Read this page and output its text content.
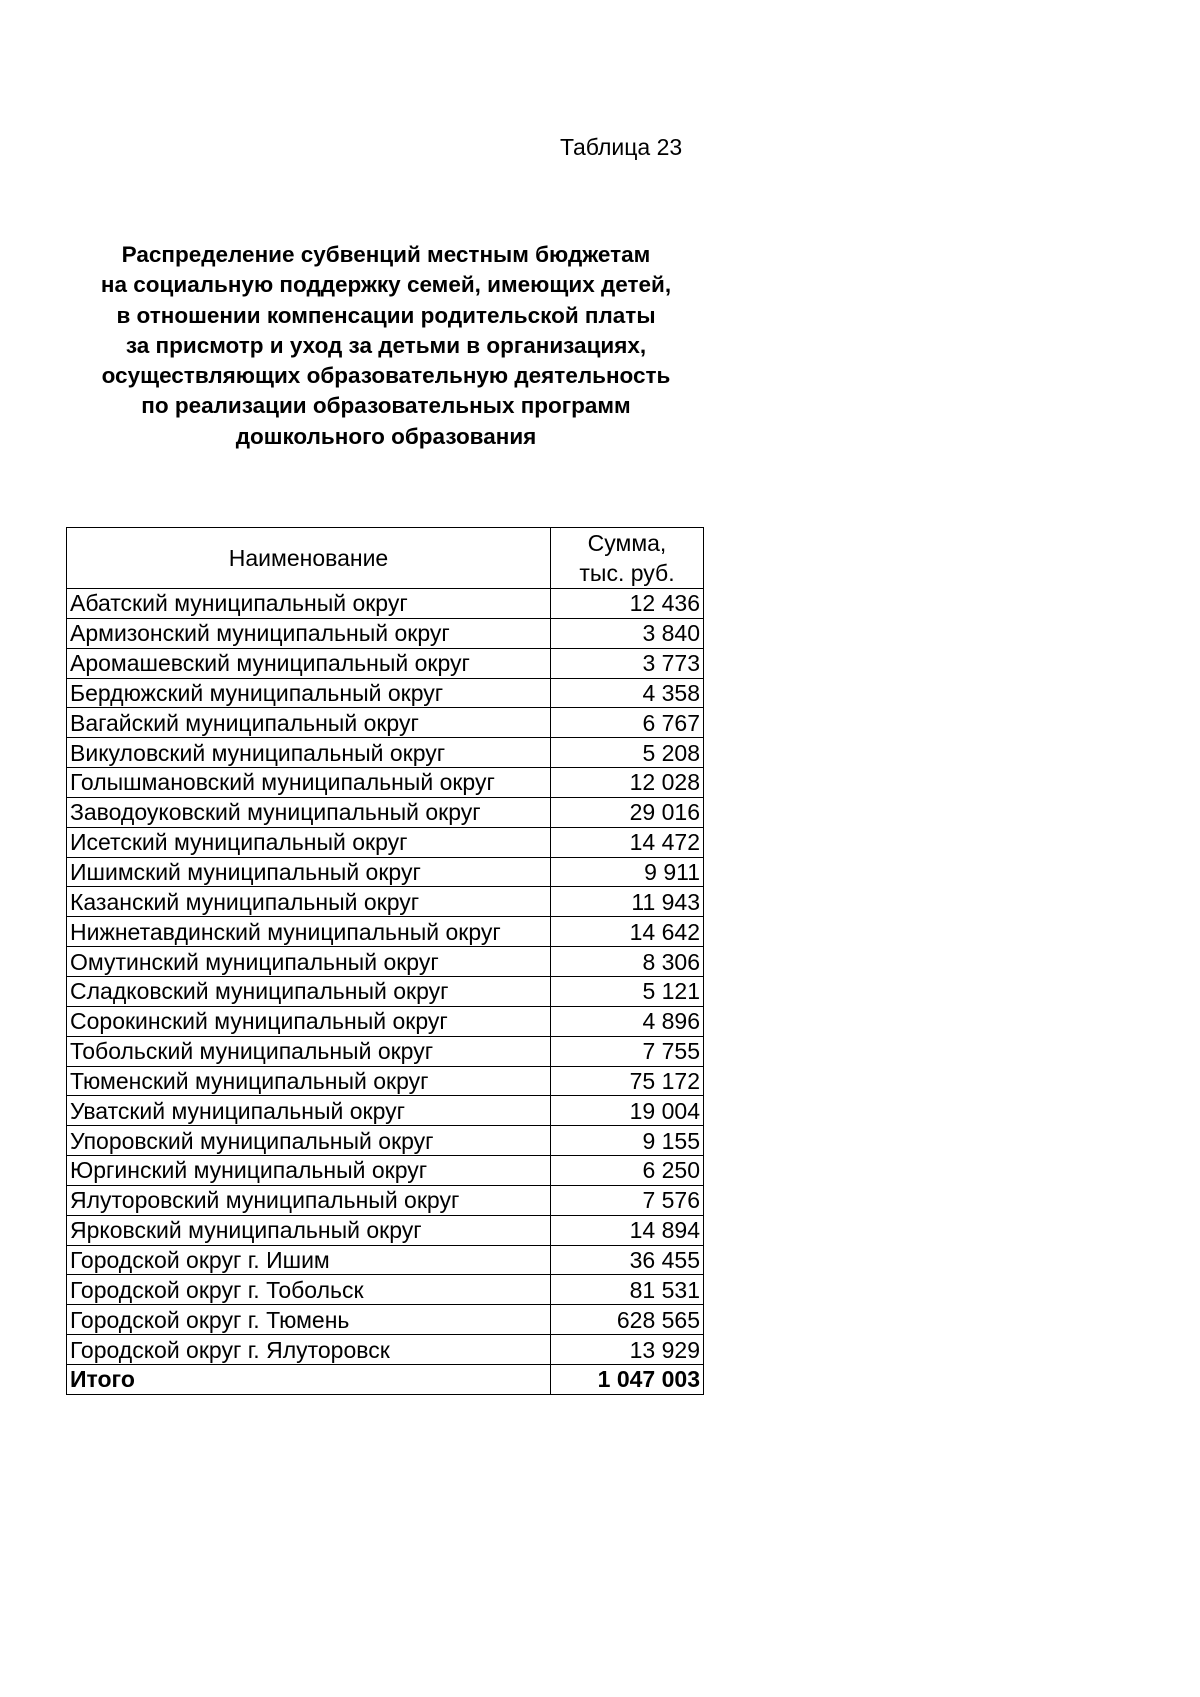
Таблица 23
Распределение субвенций местным бюджетам
на социальную поддержку семей, имеющих детей,
в отношении компенсации родительской платы
за присмотр и уход за детьми в организациях,
осуществляющих образовательную деятельность
по реализации образовательных программ
дошкольного образования
Наименование	Сумма,
тыс. руб.

Абатский муниципальный округ	12 436
Армизонский муниципальный округ	3 840
Аромашевский муниципальный округ	3 773
Бердюжский муниципальный округ	4 358
Вагайский муниципальный округ	6 767
Викуловский муниципальный округ	5 208
Голышмановский муниципальный округ	12 028
Заводоуковский муниципальный округ	29 016
Исетский муниципальный округ	14 472
Ишимский муниципальный округ	9 911
Казанский муниципальный округ	11 943
Нижнетавдинский муниципальный округ	14 642
Омутинский муниципальный округ	8 306
Сладковский муниципальный округ	5 121
Сорокинский муниципальный округ	4 896
Тобольский муниципальный округ	7 755
Тюменский муниципальный округ	75 172
Уватский муниципальный округ	19 004
Упоровский муниципальный округ	9 155
Юргинский муниципальный округ	6 250
Ялуторовский муниципальный округ	7 576
Ярковский муниципальный округ	14 894
Городской округ г. Ишим	36 455
Городской округ г. Тобольск	81 531
Городской округ г. Тюмень	628 565
Городской округ г. Ялуторовск	13 929
Итого	1 047 003
